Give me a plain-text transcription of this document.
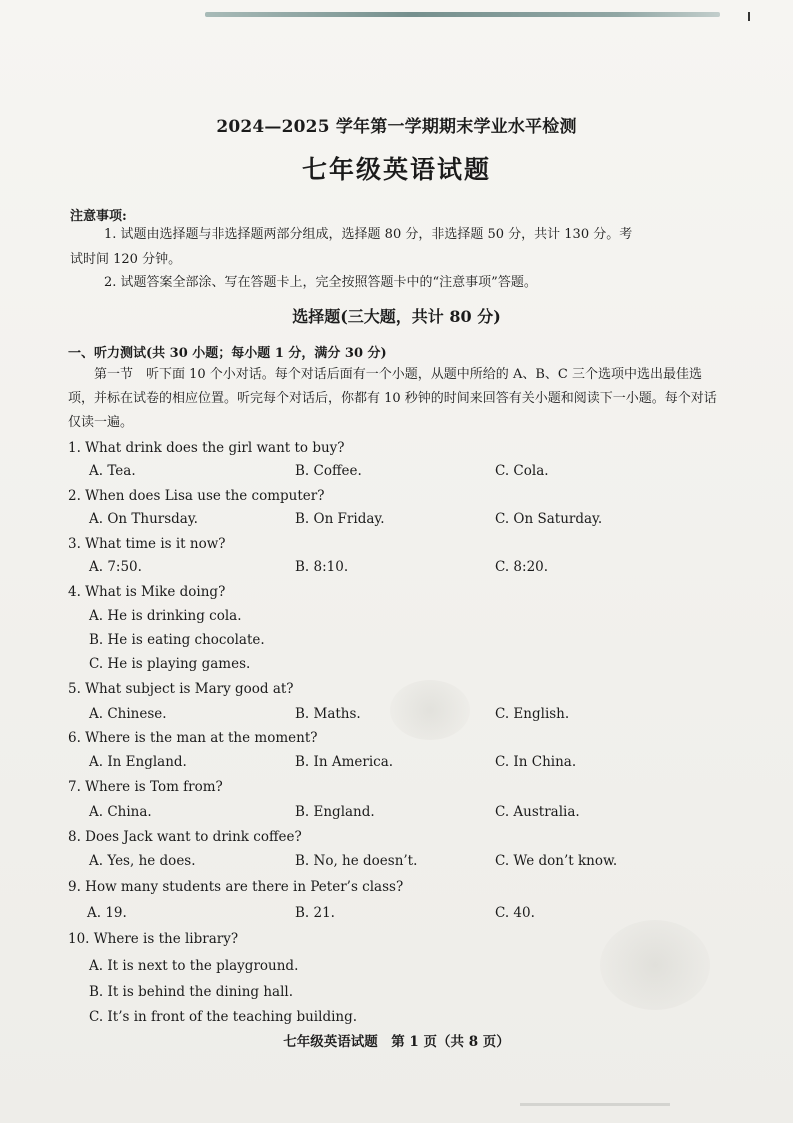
2024—2025 学年第一学期期末学业水平检测
七年级英语试题
注意事项:
1. 试题由选择题与非选择题两部分组成，选择题 80 分，非选择题 50 分，共计 130 分。考
试时间 120 分钟。
2. 试题答案全部涂、写在答题卡上，完全按照答题卡中的“注意事项”答题。
选择题(三大题，共计 80 分)
一、听力测试(共 30 小题；每小题 1 分，满分 30 分)
第一节　听下面 10 个小对话。每个对话后面有一个小题，从题中所给的 A、B、C 三个选项中选出最佳选项，并标在试卷的相应位置。听完每个对话后，你都有 10 秒钟的时间来回答有关小题和阅读下一小题。每个对话仅读一遍。
1. What drink does the girl want to buy?
A. Tea.	B. Coffee.	C. Cola.
2. When does Lisa use the computer?
A. On Thursday.	B. On Friday.	C. On Saturday.
3. What time is it now?
A. 7:50.	B. 8:10.	C. 8:20.
4. What is Mike doing?
A. He is drinking cola.
B. He is eating chocolate.
C. He is playing games.
5. What subject is Mary good at?
A. Chinese.	B. Maths.	C. English.
6. Where is the man at the moment?
A. In England.	B. In America.	C. In China.
7. Where is Tom from?
A. China.	B. England.	C. Australia.
8. Does Jack want to drink coffee?
A. Yes, he does.	B. No, he doesn’t.	C. We don’t know.
9. How many students are there in Peter’s class?
A. 19.	B. 21.	C. 40.
10. Where is the library?
A. It is next to the playground.
B. It is behind the dining hall.
C. It’s in front of the teaching building.
七年级英语试题　第 1 页（共 8 页）
